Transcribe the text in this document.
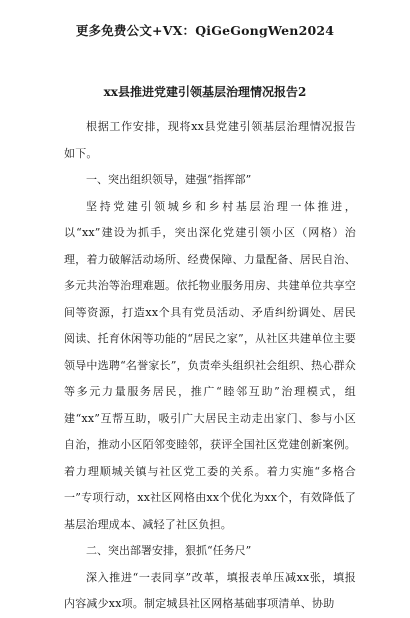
更多免费公文+VX：QiGeGongWen2024
xx县推进党建引领基层治理情况报告2

根据工作安排，现将xx县党建引领基层治理情况报告如下。

一、突出组织领导，建强“指挥部”

坚持党建引领城乡和乡村基层治理一体推进，以“xx”建设为抓手，突出深化党建引领小区（网格）治理，着力破解活动场所、经费保障、力量配备、居民自治、多元共治等治理难题。依托物业服务用房、共建单位共享空间等资源，打造xx个具有党员活动、矛盾纠纷调处、居民阅读、托育休闲等功能的“居民之家”，从社区共建单位主要领导中选聘“名誉家长”，负责牵头组织社会组织、热心群众等多元力量服务居民，推广“睦邻互助”治理模式，组建“xx”互帮互助，吸引广大居民主动走出家门、参与小区自治，推动小区陌邻变睦邻，获评全国社区党建创新案例。着力理顺城关镇与社区党工委的关系。着力实施“多格合一”专项行动，xx社区网格由xx个优化为xx个，有效降低了基层治理成本、减轻了社区负担。

二、突出部署安排，狠抓“任务尺”

深入推进“一表同享”改革，填报表单压减xx张，填报内容减少xx项。制定城县社区网格基础事项清单、协助
